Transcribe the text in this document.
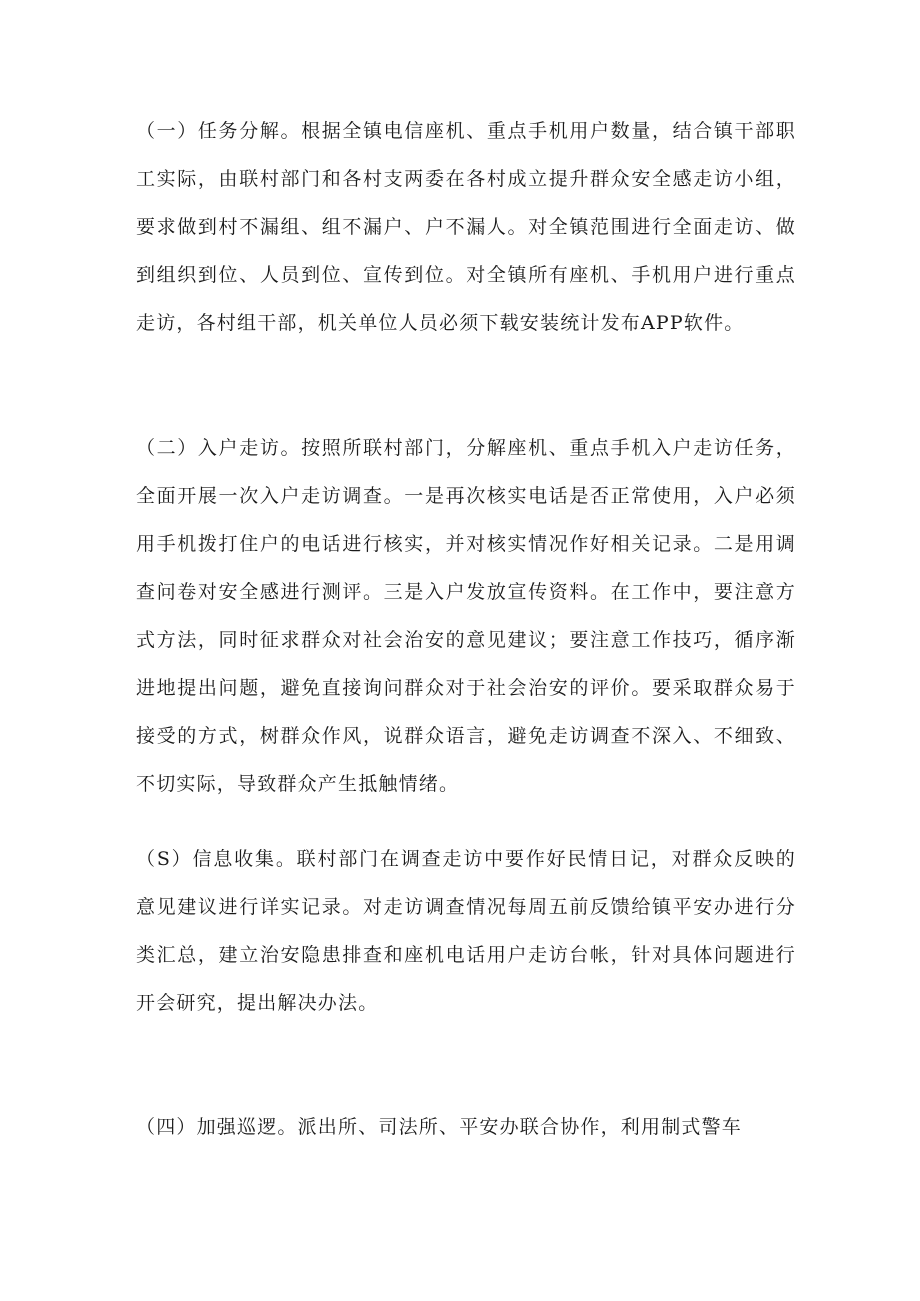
（一）任务分解。根据全镇电信座机、重点手机用户数量，结合镇干部职工实际，由联村部门和各村支两委在各村成立提升群众安全感走访小组，要求做到村不漏组、组不漏户、户不漏人。对全镇范围进行全面走访、做到组织到位、人员到位、宣传到位。对全镇所有座机、手机用户进行重点走访，各村组干部，机关单位人员必须下载安装统计发布APP软件。

（二）入户走访。按照所联村部门，分解座机、重点手机入户走访任务，全面开展一次入户走访调查。一是再次核实电话是否正常使用，入户必须用手机拨打住户的电话进行核实，并对核实情况作好相关记录。二是用调查问卷对安全感进行测评。三是入户发放宣传资料。在工作中，要注意方式方法，同时征求群众对社会治安的意见建议；要注意工作技巧，循序渐进地提出问题，避免直接询问群众对于社会治安的评价。要采取群众易于接受的方式，树群众作风，说群众语言，避免走访调查不深入、不细致、不切实际，导致群众产生抵触情绪。

（S）信息收集。联村部门在调查走访中要作好民情日记，对群众反映的意见建议进行详实记录。对走访调查情况每周五前反馈给镇平安办进行分类汇总，建立治安隐患排查和座机电话用户走访台帐，针对具体问题进行开会研究，提出解决办法。

（四）加强巡逻。派出所、司法所、平安办联合协作，利用制式警车
